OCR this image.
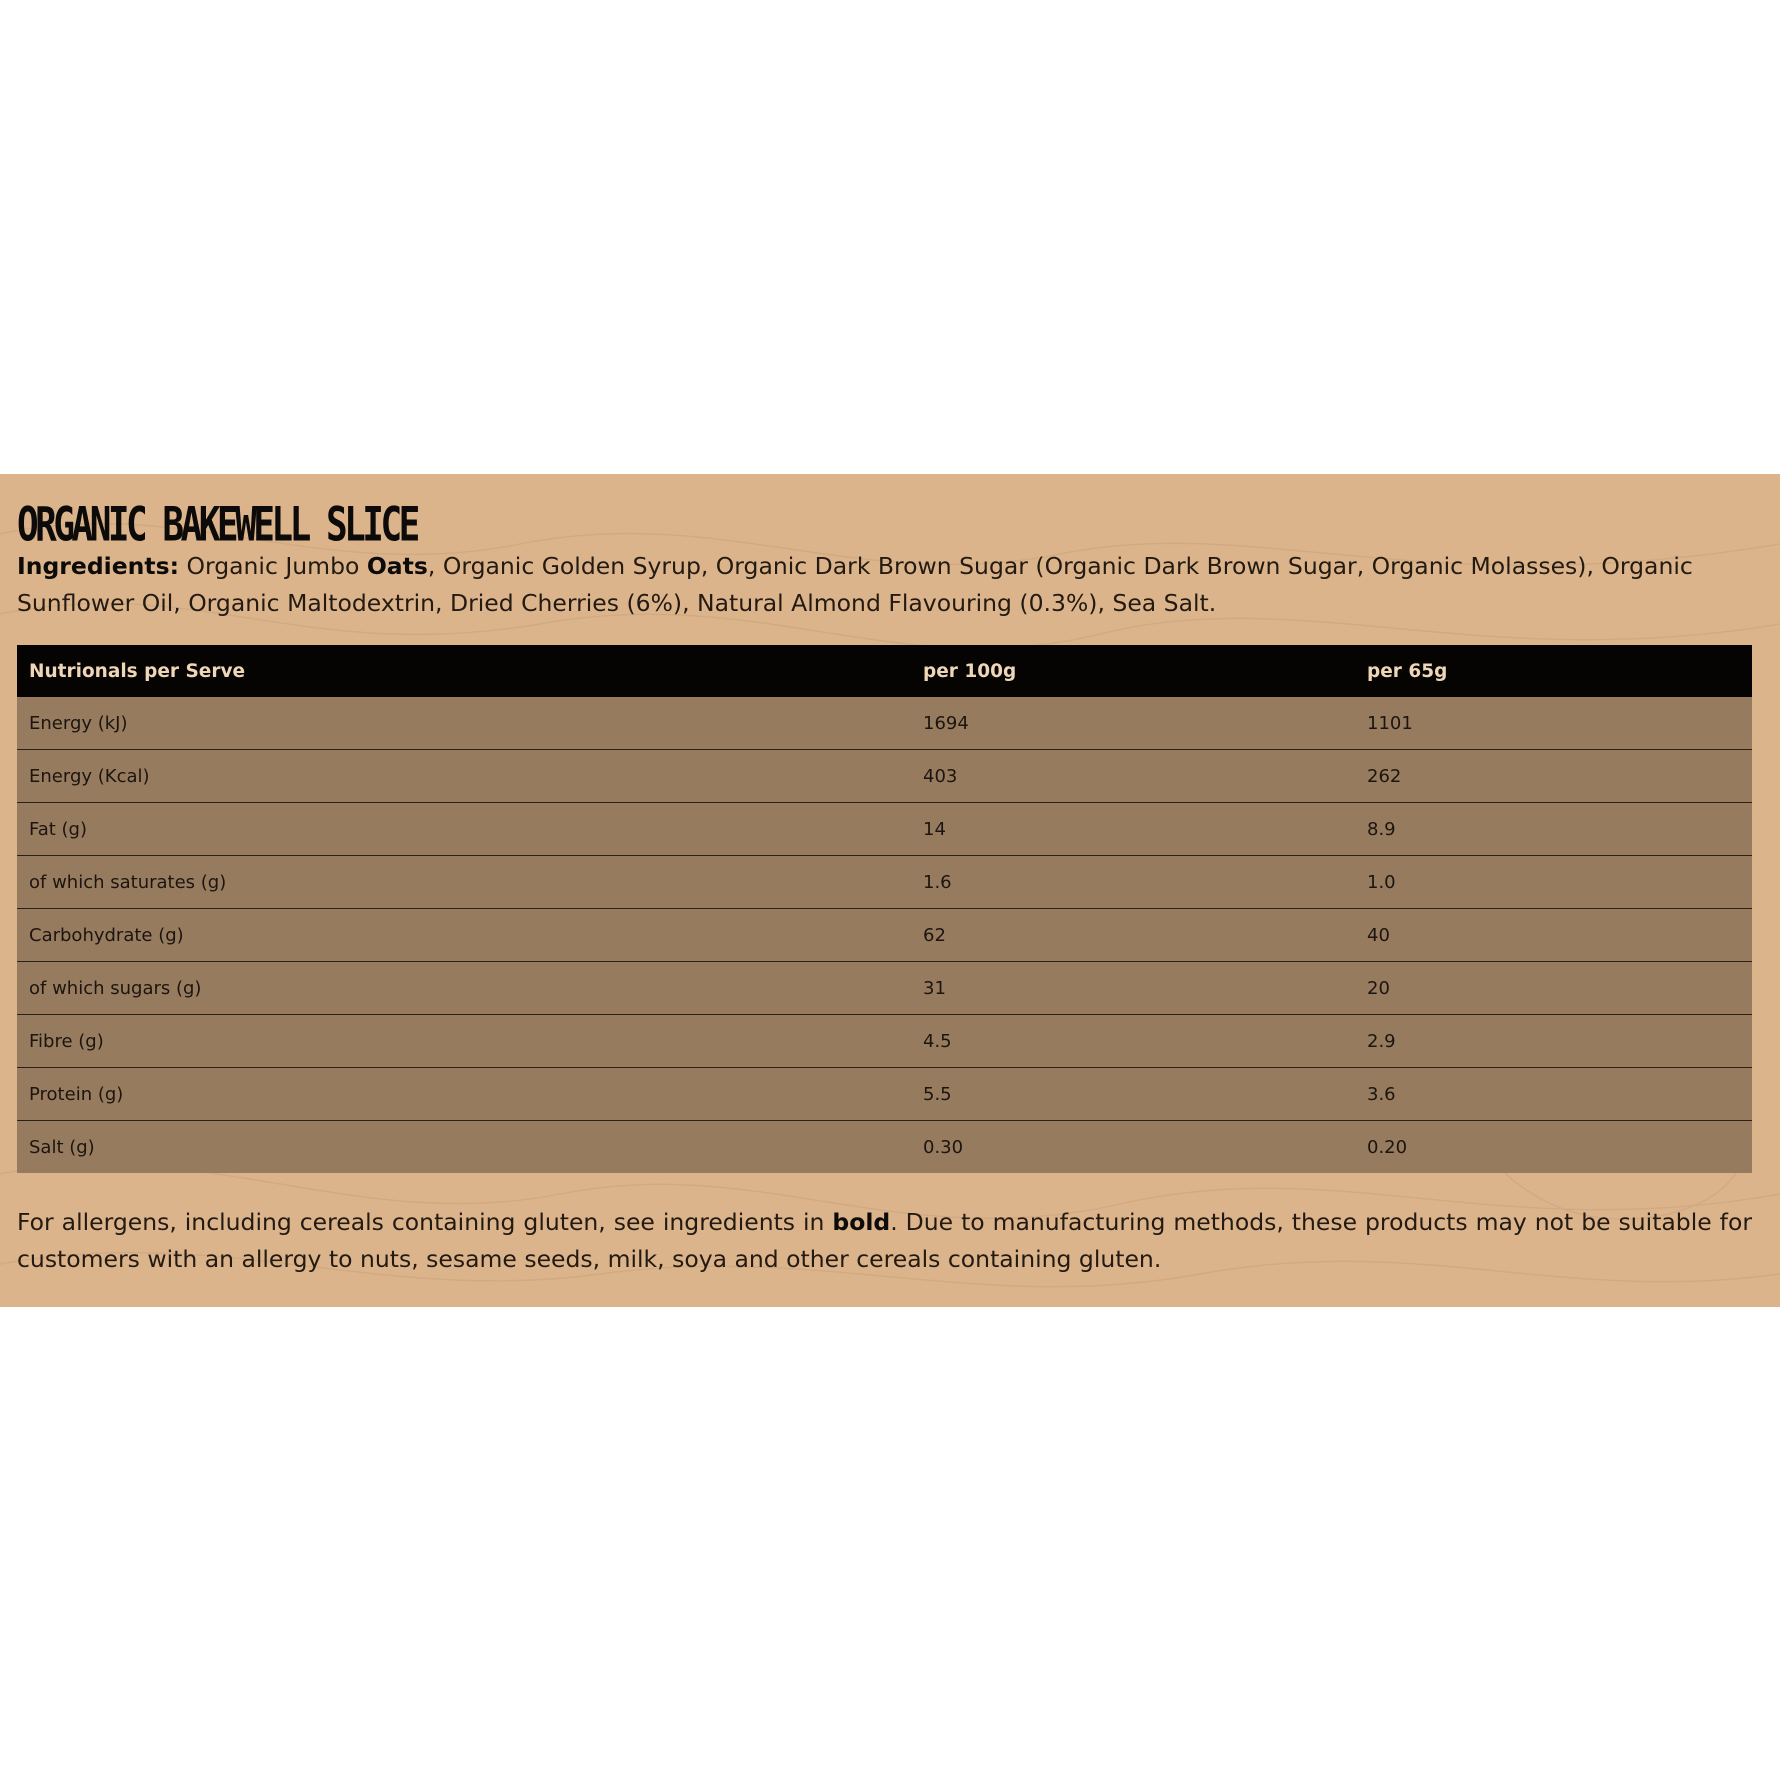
ORGANIC BAKEWELL SLICE

Ingredients: Organic Jumbo Oats, Organic Golden Syrup, Organic Dark Brown Sugar (Organic Dark Brown Sugar, Organic Molasses), Organic Sunflower Oil, Organic Maltodextrin, Dried Cherries (6%), Natural Almond Flavouring (0.3%), Sea Salt.

Nutrionals per Serve	per 100g	per 65g
Energy (kJ)	1694	1101
Energy (Kcal)	403	262
Fat (g)	14	8.9
of which saturates (g)	1.6	1.0
Carbohydrate (g)	62	40
of which sugars (g)	31	20
Fibre (g)	4.5	2.9
Protein (g)	5.5	3.6
Salt (g)	0.30	0.20

For allergens, including cereals containing gluten, see ingredients in bold. Due to manufacturing methods, these products may not be suitable for customers with an allergy to nuts, sesame seeds, milk, soya and other cereals containing gluten.
